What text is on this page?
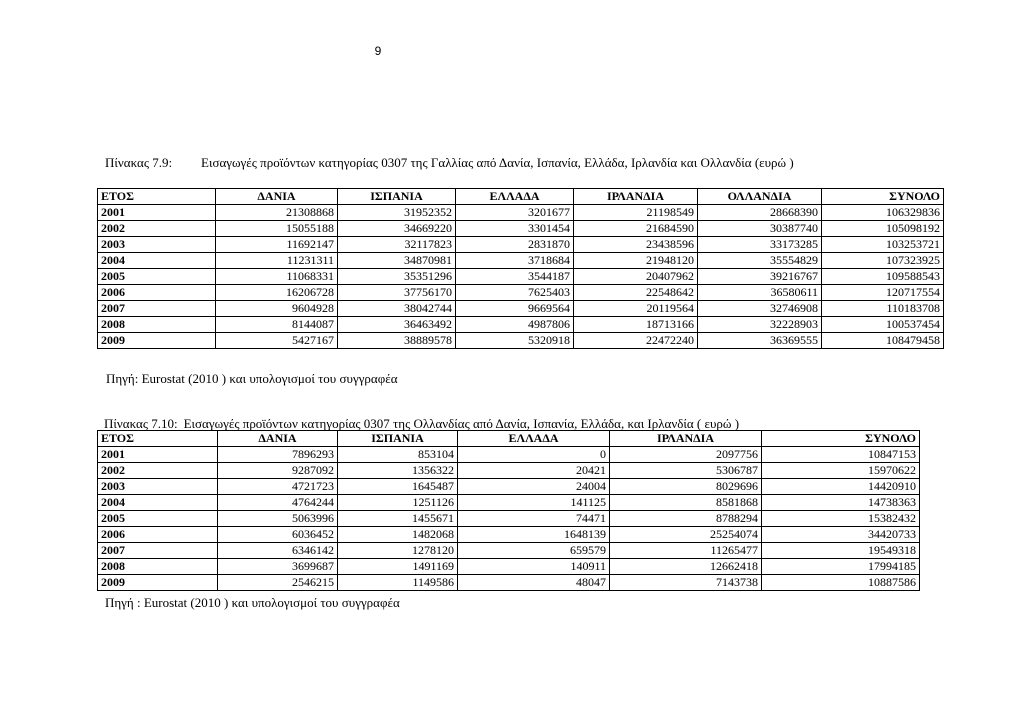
9
Πίνακας 7.9: Εισαγωγές προϊόντων κατηγορίας 0307 της Γαλλίας από Δανία, Ισπανία, Ελλάδα, Ιρλανδία και Ολλανδία (ευρώ )
ΕΤΟΣ	ΔΑΝΙΑ	ΙΣΠΑΝΙΑ	ΕΛΛΑΔΑ	ΙΡΛΑΝΔΙΑ	ΟΛΛΑΝΔΙΑ	ΣΥΝΟΛΟ
2001	21308868	31952352	3201677	21198549	28668390	106329836
2002	15055188	34669220	3301454	21684590	30387740	105098192
2003	11692147	32117823	2831870	23438596	33173285	103253721
2004	11231311	34870981	3718684	21948120	35554829	107323925
2005	11068331	35351296	3544187	20407962	39216767	109588543
2006	16206728	37756170	7625403	22548642	36580611	120717554
2007	9604928	38042744	9669564	20119564	32746908	110183708
2008	8144087	36463492	4987806	18713166	32228903	100537454
2009	5427167	38889578	5320918	22472240	36369555	108479458
Πηγή: Eurostat (2010 ) και υπολογισμοί του συγγραφέα
Πίνακας 7.10: Εισαγωγές προϊόντων κατηγορίας 0307 της Ολλανδίας από Δανία, Ισπανία, Ελλάδα, και Ιρλανδία ( ευρώ )
ΕΤΟΣ	ΔΑΝΙΑ	ΙΣΠΑΝΙΑ	ΕΛΛΑΔΑ	ΙΡΛΑΝΔΙΑ	ΣΥΝΟΛΟ
2001	7896293	853104	0	2097756	10847153
2002	9287092	1356322	20421	5306787	15970622
2003	4721723	1645487	24004	8029696	14420910
2004	4764244	1251126	141125	8581868	14738363
2005	5063996	1455671	74471	8788294	15382432
2006	6036452	1482068	1648139	25254074	34420733
2007	6346142	1278120	659579	11265477	19549318
2008	3699687	1491169	140911	12662418	17994185
2009	2546215	1149586	48047	7143738	10887586
Πηγή : Eurostat (2010 ) και υπολογισμοί του συγγραφέα
